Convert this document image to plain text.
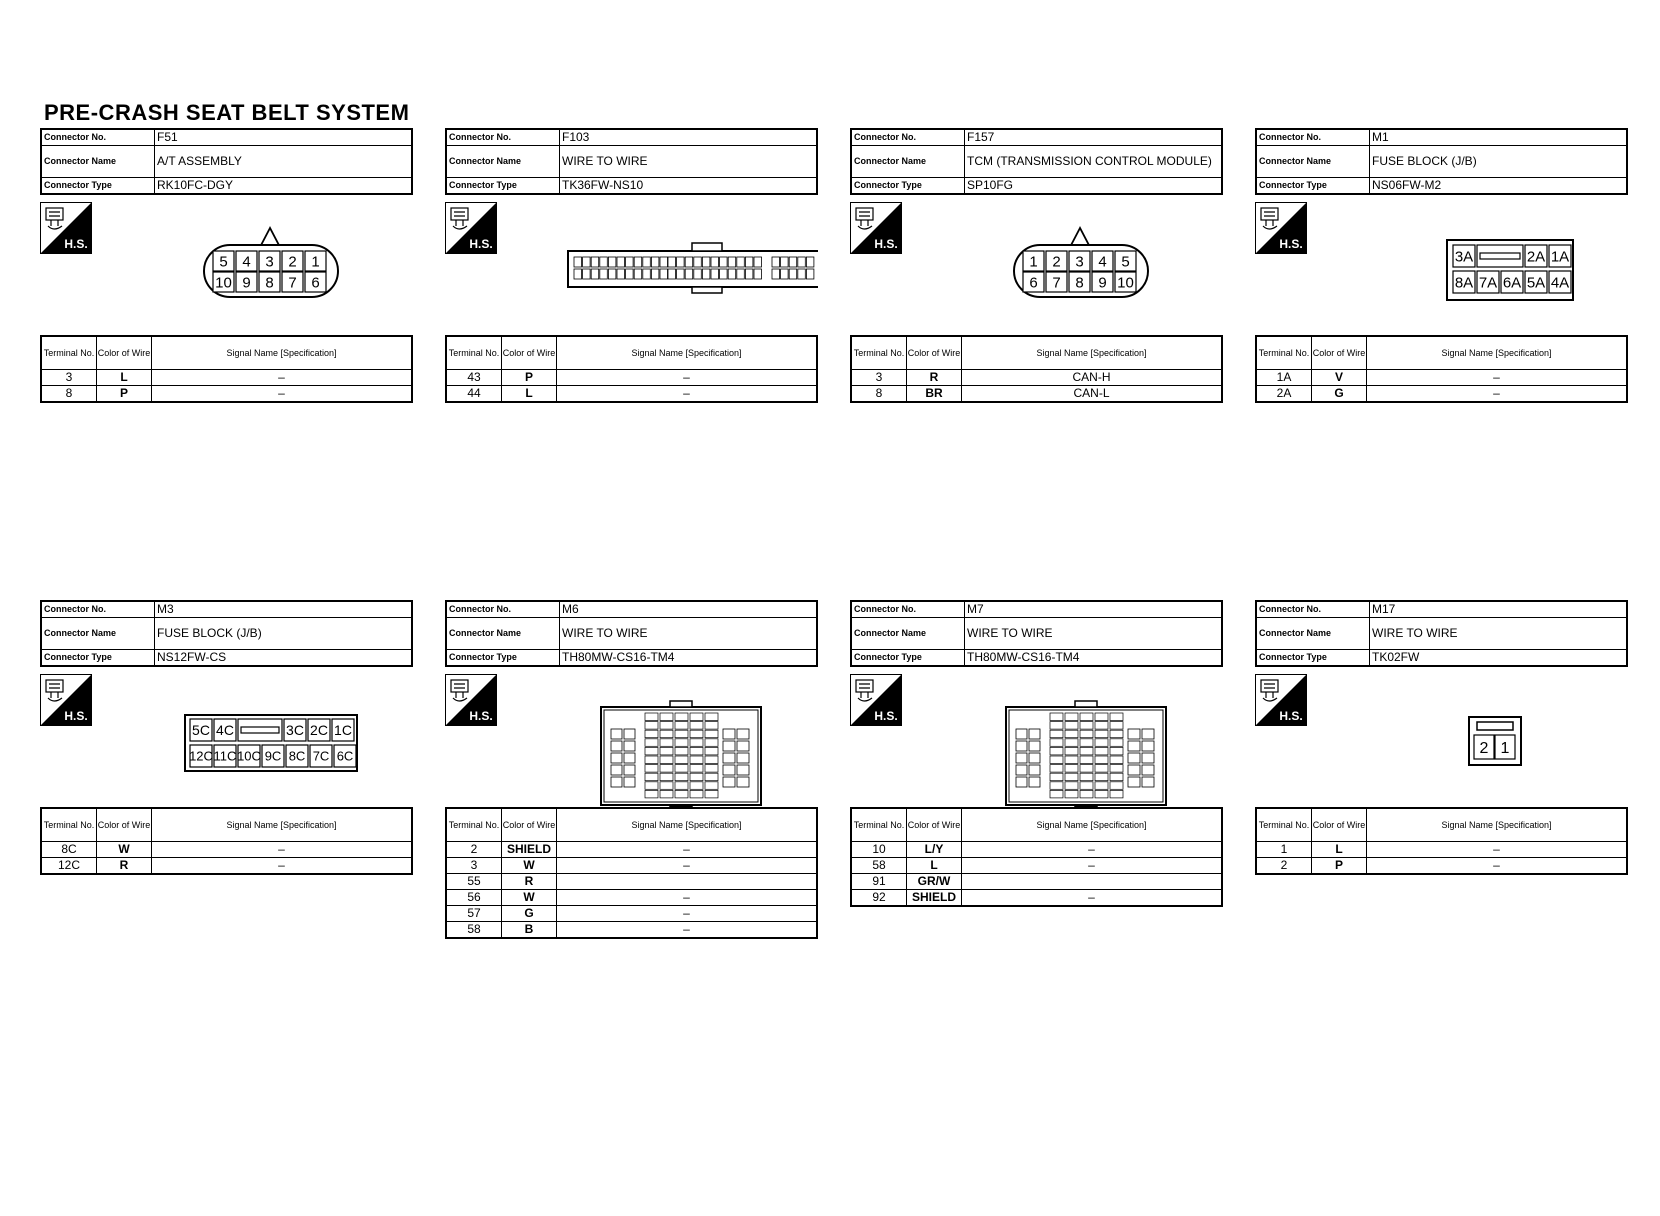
PRE-CRASH SEAT BELT SYSTEM
Connector No.	F51
Connector Name	A/T ASSEMBLY
Connector Type	RK10FC-DGY
H.S.
5 4 3 2 1
10 9 8 7 6
Terminal No.	Color of Wire	Signal Name [Specification]
3	L	–
8	P	–
Connector No.	F103
Connector Name	WIRE TO WIRE
Connector Type	TK36FW-NS10
H.S.
Terminal No.	Color of Wire	Signal Name [Specification]
43	P	–
44	L	–
Connector No.	F157
Connector Name	TCM (TRANSMISSION CONTROL MODULE)
Connector Type	SP10FG
H.S.
1 2 3 4 5
6 7 8 9 10
Terminal No.	Color of Wire	Signal Name [Specification]
3	R	CAN-H
8	BR	CAN-L
Connector No.	M1
Connector Name	FUSE BLOCK (J/B)
Connector Type	NS06FW-M2
H.S.
3A	2A 1A
8A 7A 6A 5A 4A
Terminal No.	Color of Wire	Signal Name [Specification]
1A	V	–
2A	G	–
Connector No.	M3
Connector Name	FUSE BLOCK (J/B)
Connector Type	NS12FW-CS
H.S.
5C 4C	3C 2C 1C
12C 11C 10C 9C 8C 7C 6C
Terminal No.	Color of Wire	Signal Name [Specification]
8C	W	–
12C	R	–
Connector No.	M6
Connector Name	WIRE TO WIRE
Connector Type	TH80MW-CS16-TM4
H.S.
Terminal No.	Color of Wire	Signal Name [Specification]
2	SHIELD	–
3	W	–
55	R	
56	W	–
57	G	–
58	B	–
Connector No.	M7
Connector Name	WIRE TO WIRE
Connector Type	TH80MW-CS16-TM4
H.S.
Terminal No.	Color of Wire	Signal Name [Specification]
10	L/Y	–
58	L	–
91	GR/W	
92	SHIELD	–
Connector No.	M17
Connector Name	WIRE TO WIRE
Connector Type	TK02FW
H.S.
2 1
Terminal No.	Color of Wire	Signal Name [Specification]
1	L	–
2	P	–
